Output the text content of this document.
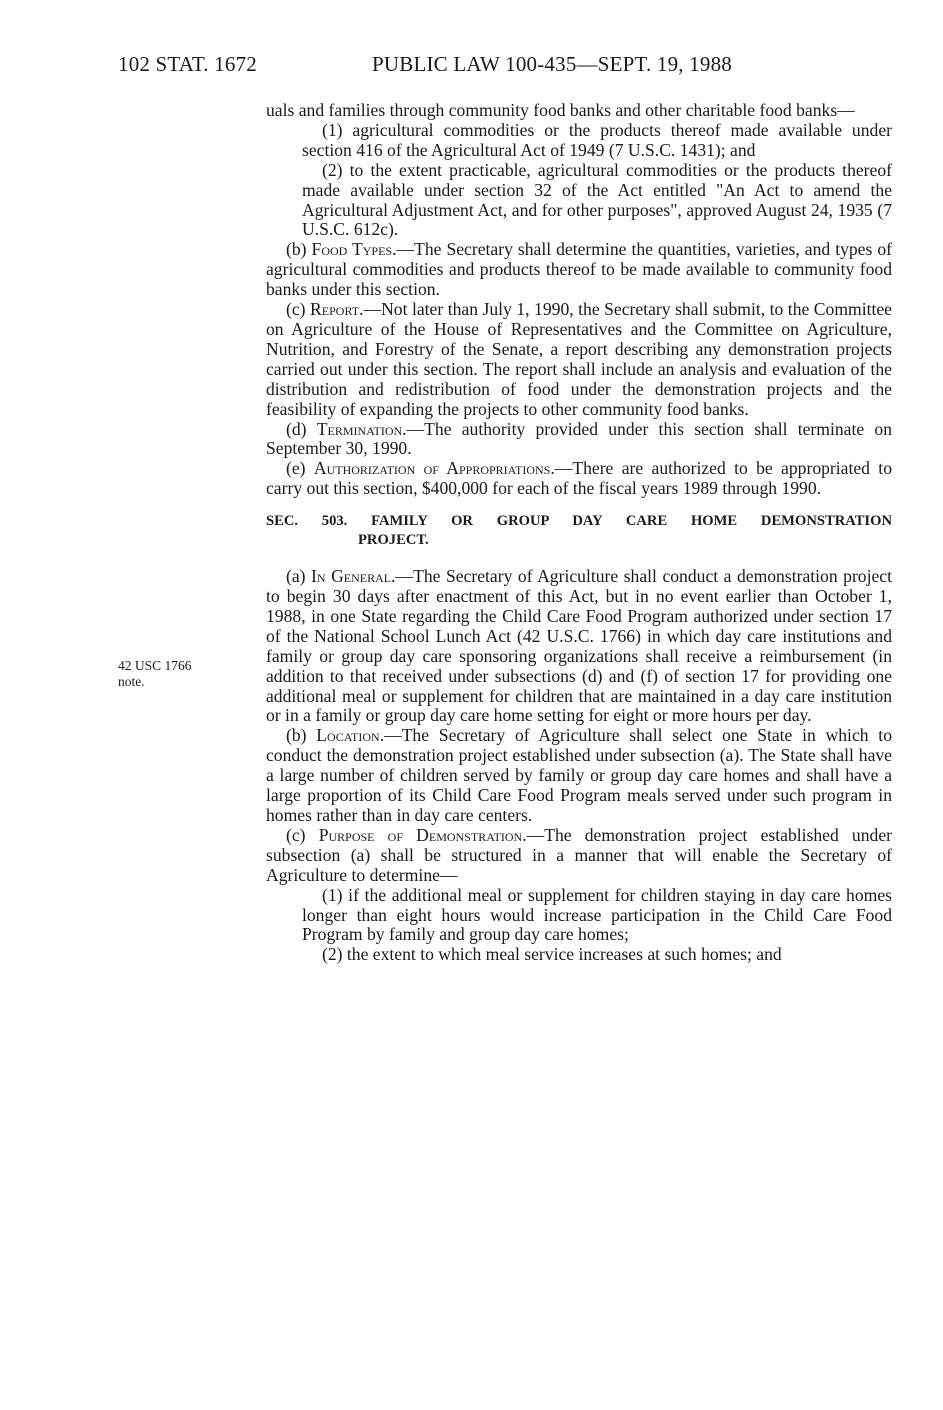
102 STAT. 1672	PUBLIC LAW 100-435—SEPT. 19, 1988
42 USC 1766
note.

uals and families through community food banks and other charitable food banks—

(1) agricultural commodities or the products thereof made available under section 416 of the Agricultural Act of 1949 (7 U.S.C. 1431); and

(2) to the extent practicable, agricultural commodities or the products thereof made available under section 32 of the Act entitled "An Act to amend the Agricultural Adjustment Act, and for other purposes", approved August 24, 1935 (7 U.S.C. 612c).

(b) Food Types.—The Secretary shall determine the quantities, varieties, and types of agricultural commodities and products thereof to be made available to community food banks under this section.

(c) Report.—Not later than July 1, 1990, the Secretary shall submit, to the Committee on Agriculture of the House of Representatives and the Committee on Agriculture, Nutrition, and Forestry of the Senate, a report describing any demonstration projects carried out under this section. The report shall include an analysis and evaluation of the distribution and redistribution of food under the demonstration projects and the feasibility of expanding the projects to other community food banks.

(d) Termination.—The authority provided under this section shall terminate on September 30, 1990.

(e) Authorization of Appropriations.—There are authorized to be appropriated to carry out this section, $400,000 for each of the fiscal years 1989 through 1990.

SEC. 503. FAMILY OR GROUP DAY CARE HOME DEMONSTRATION
PROJECT.

(a) In General.—The Secretary of Agriculture shall conduct a demonstration project to begin 30 days after enactment of this Act, but in no event earlier than October 1, 1988, in one State regarding the Child Care Food Program authorized under section 17 of the National School Lunch Act (42 U.S.C. 1766) in which day care institutions and family or group day care sponsoring organizations shall receive a reimbursement (in addition to that received under subsections (d) and (f) of section 17 for providing one additional meal or supplement for children that are maintained in a day care institution or in a family or group day care home setting for eight or more hours per day.

(b) Location.—The Secretary of Agriculture shall select one State in which to conduct the demonstration project established under subsection (a). The State shall have a large number of children served by family or group day care homes and shall have a large proportion of its Child Care Food Program meals served under such program in homes rather than in day care centers.

(c) Purpose of Demonstration.—The demonstration project established under subsection (a) shall be structured in a manner that will enable the Secretary of Agriculture to determine—

(1) if the additional meal or supplement for children staying in day care homes longer than eight hours would increase participation in the Child Care Food Program by family and group day care homes;

(2) the extent to which meal service increases at such homes; and
